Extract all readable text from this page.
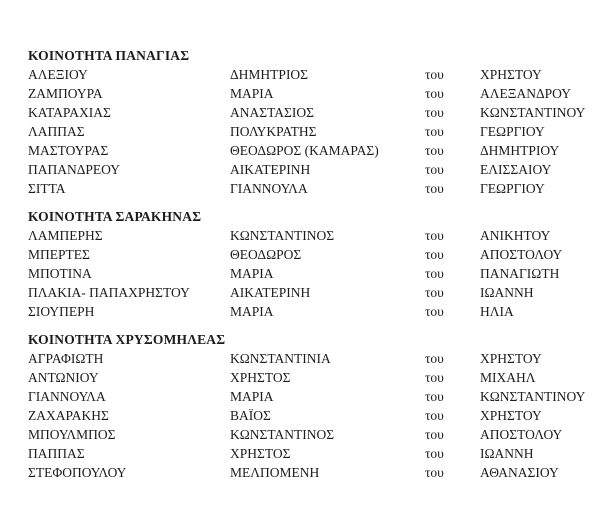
ΚΟΙΝΟΤΗΤΑ ΠΑΝΑΓΙΑΣ
ΑΛΕΞΙΟΥ	ΔΗΜΗΤΡΙΟΣ	του	ΧΡΗΣΤΟΥ
ΖΑΜΠΟΥΡΑ	ΜΑΡΙΑ	του	ΑΛΕΞΑΝΔΡΟΥ
ΚΑΤΑΡΑΧΙΑΣ	ΑΝΑΣΤΑΣΙΟΣ	του	ΚΩΝΣΤΑΝΤΙΝΟΥ
ΛΑΠΠΑΣ	ΠΟΛΥΚΡΑΤΗΣ	του	ΓΕΩΡΓΙΟΥ
ΜΑΣΤΟΥΡΑΣ	ΘΕΟΔΩΡΟΣ (ΚΑΜΑΡΑΣ)	του	ΔΗΜΗΤΡΙΟΥ
ΠΑΠΑΝΔΡΕΟΥ	ΑΙΚΑΤΕΡΙΝΗ	του	ΕΛΙΣΣΑΙΟΥ
ΣΙΤΤΑ	ΓΙΑΝΝΟΥΛΑ	του	ΓΕΩΡΓΙΟΥ
ΚΟΙΝΟΤΗΤΑ ΣΑΡΑΚΗΝΑΣ
ΛΑΜΠΕΡΗΣ	ΚΩΝΣΤΑΝΤΙΝΟΣ	του	ΑΝΙΚΗΤΟΥ
ΜΠΕΡΤΕΣ	ΘΕΟΔΩΡΟΣ	του	ΑΠΟΣΤΟΛΟΥ
ΜΠΟΤΙΝΑ	ΜΑΡΙΑ	του	ΠΑΝΑΓΙΩΤΗ
ΠΛΑΚΙΑ- ΠΑΠΑΧΡΗΣΤΟΥ	ΑΙΚΑΤΕΡΙΝΗ	του	ΙΩΑΝΝΗ
ΣΙΟΥΠΕΡΗ	ΜΑΡΙΑ	του	ΗΛΙΑ
ΚΟΙΝΟΤΗΤΑ ΧΡΥΣΟΜΗΛΕΑΣ
ΑΓΡΑΦΙΩΤΗ	ΚΩΝΣΤΑΝΤΙΝΙΑ	του	ΧΡΗΣΤΟΥ
ΑΝΤΩΝΙΟΥ	ΧΡΗΣΤΟΣ	του	ΜΙΧΑΗΛ
ΓΙΑΝΝΟΥΛΑ	ΜΑΡΙΑ	του	ΚΩΝΣΤΑΝΤΙΝΟΥ
ΖΑΧΑΡΑΚΗΣ	ΒΑΪΟΣ	του	ΧΡΗΣΤΟΥ
ΜΠΟΥΛΜΠΟΣ	ΚΩΝΣΤΑΝΤΙΝΟΣ	του	ΑΠΟΣΤΟΛΟΥ
ΠΑΠΠΑΣ	ΧΡΗΣΤΟΣ	του	ΙΩΑΝΝΗ
ΣΤΕΦΟΠΟΥΛΟΥ	ΜΕΛΠΟΜΕΝΗ	του	ΑΘΑΝΑΣΙΟΥ
